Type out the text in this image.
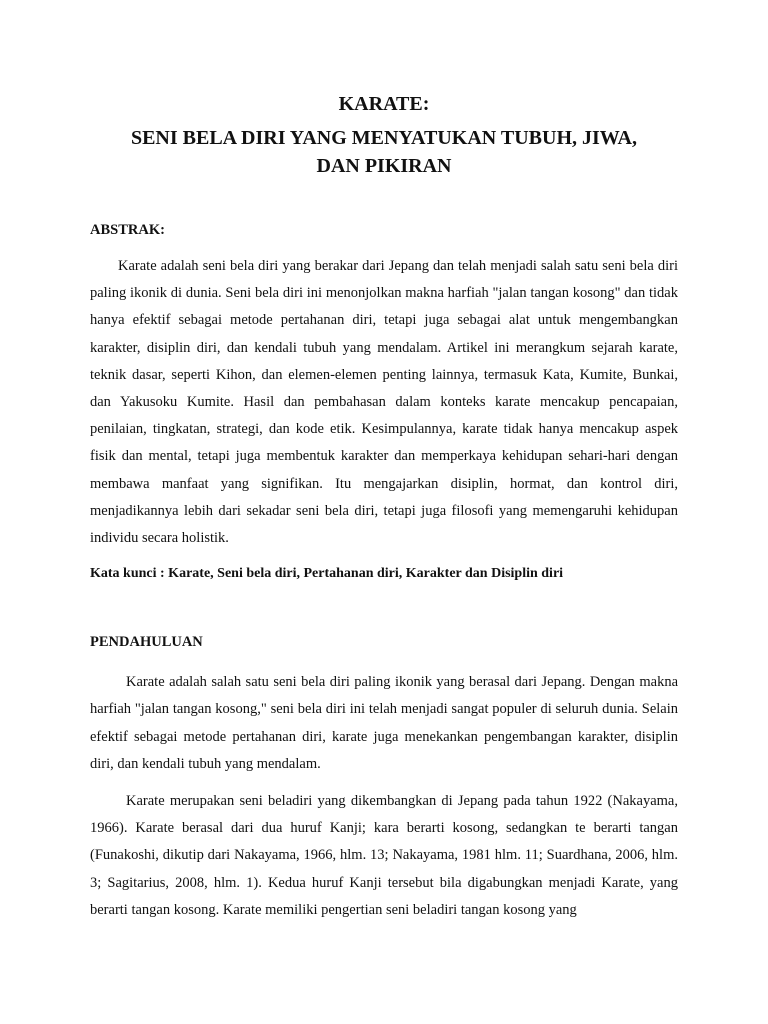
KARATE:
SENI BELA DIRI YANG MENYATUKAN TUBUH, JIWA, DAN PIKIRAN
ABSTRAK:

Karate adalah seni bela diri yang berakar dari Jepang dan telah menjadi salah satu seni bela diri paling ikonik di dunia. Seni bela diri ini menonjolkan makna harfiah "jalan tangan kosong" dan tidak hanya efektif sebagai metode pertahanan diri, tetapi juga sebagai alat untuk mengembangkan karakter, disiplin diri, dan kendali tubuh yang mendalam. Artikel ini merangkum sejarah karate, teknik dasar, seperti Kihon, dan elemen-elemen penting lainnya, termasuk Kata, Kumite, Bunkai, dan Yakusoku Kumite. Hasil dan pembahasan dalam konteks karate mencakup pencapaian, penilaian, tingkatan, strategi, dan kode etik. Kesimpulannya, karate tidak hanya mencakup aspek fisik dan mental, tetapi juga membentuk karakter dan memperkaya kehidupan sehari-hari dengan membawa manfaat yang signifikan. Itu mengajarkan disiplin, hormat, dan kontrol diri, menjadikannya lebih dari sekadar seni bela diri, tetapi juga filosofi yang memengaruhi kehidupan individu secara holistik.

Kata kunci : Karate, Seni bela diri, Pertahanan diri, Karakter dan Disiplin diri

PENDAHULUAN

Karate adalah salah satu seni bela diri paling ikonik yang berasal dari Jepang. Dengan makna harfiah "jalan tangan kosong," seni bela diri ini telah menjadi sangat populer di seluruh dunia. Selain efektif sebagai metode pertahanan diri, karate juga menekankan pengembangan karakter, disiplin diri, dan kendali tubuh yang mendalam.

Karate merupakan seni beladiri yang dikembangkan di Jepang pada tahun 1922 (Nakayama, 1966). Karate berasal dari dua huruf Kanji; kara berarti kosong, sedangkan te berarti tangan (Funakoshi, dikutip dari Nakayama, 1966, hlm. 13; Nakayama, 1981 hlm. 11; Suardhana, 2006, hlm. 3; Sagitarius, 2008, hlm. 1). Kedua huruf Kanji tersebut bila digabungkan menjadi Karate, yang berarti tangan kosong. Karate memiliki pengertian seni beladiri tangan kosong yang
